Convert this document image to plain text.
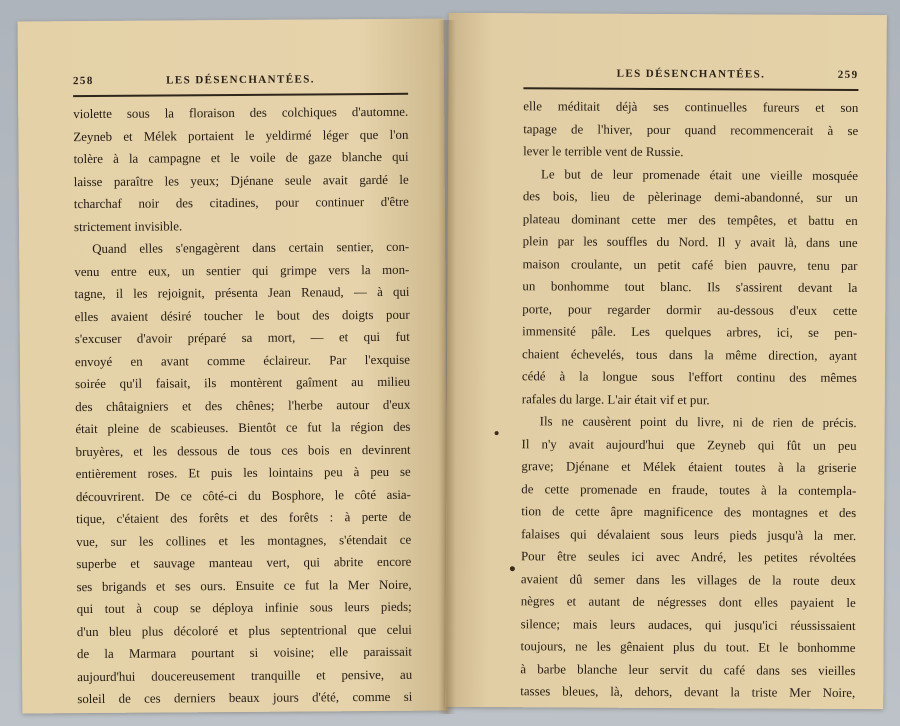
258	LES DÉSENCHANTÉES.
violette sous la floraison des colchiques d'automne.
Zeyneb et Mélek portaient le yeldirmé léger que l'on
tolère à la campagne et le voile de gaze blanche qui
laisse paraître les yeux; Djénane seule avait gardé le
tcharchaf noir des citadines, pour continuer d'être
strictement invisible.
Quand elles s'engagèrent dans certain sentier, con-
venu entre eux, un sentier qui grimpe vers la mon-
tagne, il les rejoignit, présenta Jean Renaud, — à qui
elles avaient désiré toucher le bout des doigts pour
s'excuser d'avoir préparé sa mort, — et qui fut
envoyé en avant comme éclaireur. Par l'exquise
soirée qu'il faisait, ils montèrent gaîment au milieu
des châtaigniers et des chênes; l'herbe autour d'eux
était pleine de scabieuses. Bientôt ce fut la région des
bruyères, et les dessous de tous ces bois en devinrent
entièrement roses. Et puis les lointains peu à peu se
découvrirent. De ce côté-ci du Bosphore, le côté asia-
tique, c'étaient des forêts et des forêts : à perte de
vue, sur les collines et les montagnes, s'étendait ce
superbe et sauvage manteau vert, qui abrite encore
ses brigands et ses ours. Ensuite ce fut la Mer Noire,
qui tout à coup se déploya infinie sous leurs pieds;
d'un bleu plus décoloré et plus septentrional que celui
de la Marmara pourtant si voisine; elle paraissait
aujourd'hui doucereusement tranquille et pensive, au
soleil de ces derniers beaux jours d'été, comme si
LES DÉSENCHANTÉES.	259
elle méditait déjà ses continuelles fureurs et son
tapage de l'hiver, pour quand recommencerait à se
lever le terrible vent de Russie.
Le but de leur promenade était une vieille mosquée
des bois, lieu de pèlerinage demi-abandonné, sur un
plateau dominant cette mer des tempêtes, et battu en
plein par les souffles du Nord. Il y avait là, dans une
maison croulante, un petit café bien pauvre, tenu par
un bonhomme tout blanc. Ils s'assirent devant la
porte, pour regarder dormir au-dessous d'eux cette
immensité pâle. Les quelques arbres, ici, se pen-
chaient échevelés, tous dans la même direction, ayant
cédé à la longue sous l'effort continu des mêmes
rafales du large. L'air était vif et pur.
Ils ne causèrent point du livre, ni de rien de précis.
Il n'y avait aujourd'hui que Zeyneb qui fût un peu
grave; Djénane et Mélek étaient toutes à la griserie
de cette promenade en fraude, toutes à la contempla-
tion de cette âpre magnificence des montagnes et des
falaises qui dévalaient sous leurs pieds jusqu'à la mer.
Pour être seules ici avec André, les petites révoltées
avaient dû semer dans les villages de la route deux
nègres et autant de négresses dont elles payaient le
silence; mais leurs audaces, qui jusqu'ici réussissaient
toujours, ne les gênaient plus du tout. Et le bonhomme
à barbe blanche leur servit du café dans ses vieilles
tasses bleues, là, dehors, devant la triste Mer Noire,
